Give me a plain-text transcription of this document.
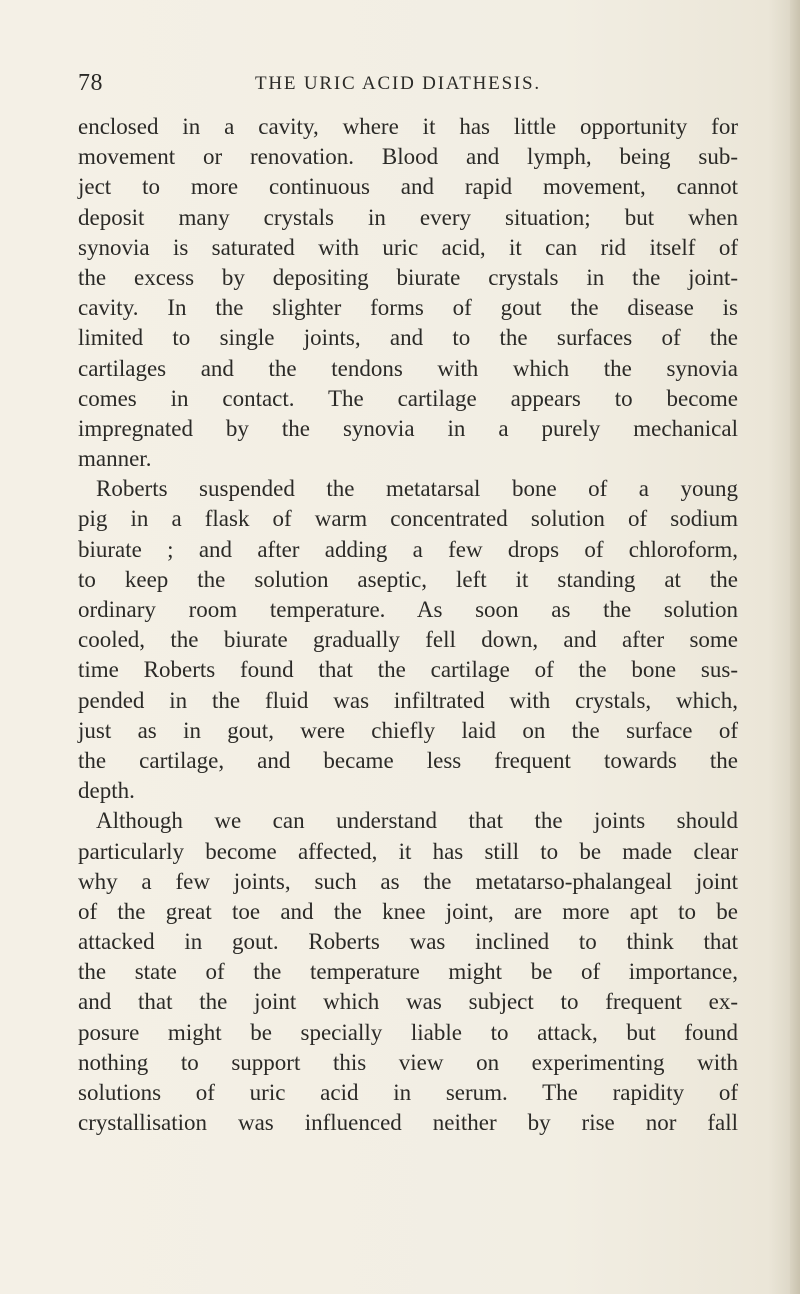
78	THE URIC ACID DIATHESIS.
enclosed in a cavity, where it has little opportunity for
movement or renovation. Blood and lymph, being sub-
ject to more continuous and rapid movement, cannot
deposit many crystals in every situation; but when
synovia is saturated with uric acid, it can rid itself of
the excess by depositing biurate crystals in the joint-
cavity. In the slighter forms of gout the disease is
limited to single joints, and to the surfaces of the
cartilages and the tendons with which the synovia
comes in contact. The cartilage appears to become
impregnated by the synovia in a purely mechanical
manner.
Roberts suspended the metatarsal bone of a young
pig in a flask of warm concentrated solution of sodium
biurate ; and after adding a few drops of chloroform,
to keep the solution aseptic, left it standing at the
ordinary room temperature. As soon as the solution
cooled, the biurate gradually fell down, and after some
time Roberts found that the cartilage of the bone sus-
pended in the fluid was infiltrated with crystals, which,
just as in gout, were chiefly laid on the surface of
the cartilage, and became less frequent towards the
depth.
Although we can understand that the joints should
particularly become affected, it has still to be made clear
why a few joints, such as the metatarso-phalangeal joint
of the great toe and the knee joint, are more apt to be
attacked in gout. Roberts was inclined to think that
the state of the temperature might be of importance,
and that the joint which was subject to frequent ex-
posure might be specially liable to attack, but found
nothing to support this view on experimenting with
solutions of uric acid in serum. The rapidity of
crystallisation was influenced neither by rise nor fall
